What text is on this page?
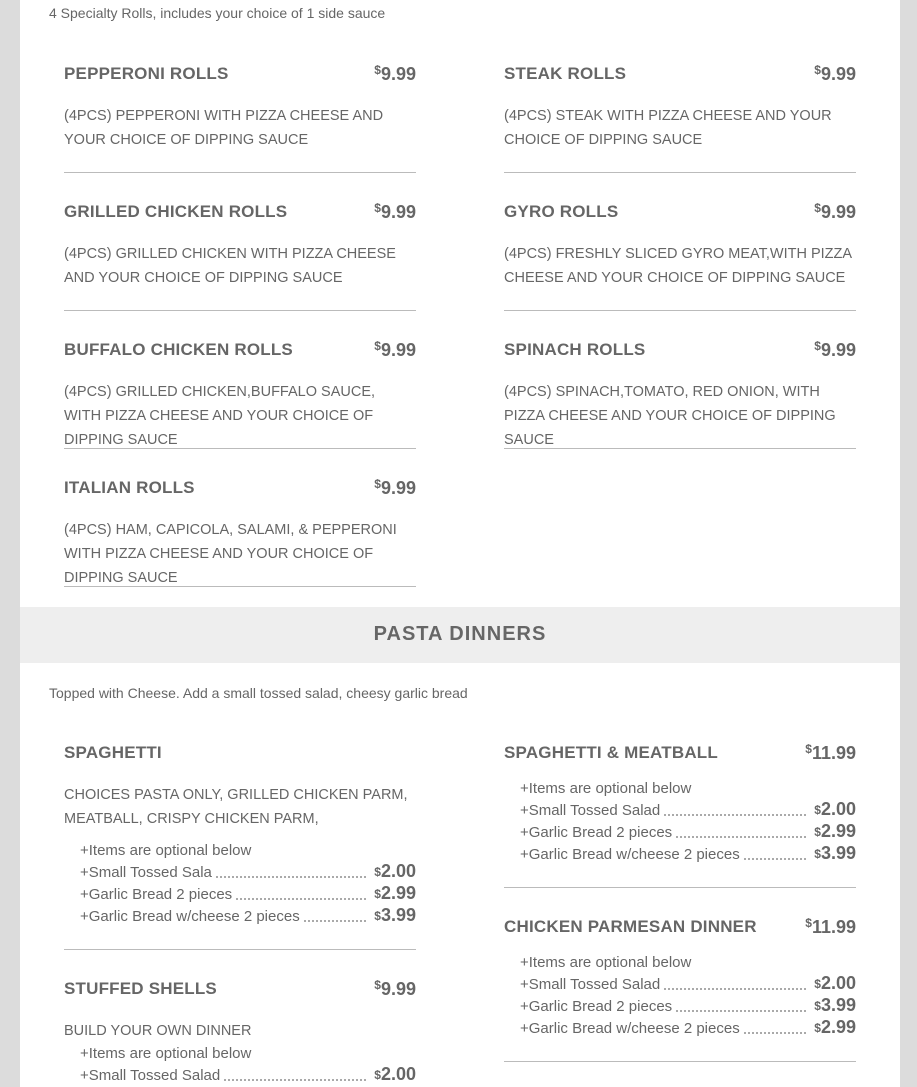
4 Specialty Rolls, includes your choice of 1 side sauce
PEPPERONI ROLLS	$9.99
(4PCS) PEPPERONI WITH PIZZA CHEESE AND YOUR CHOICE OF DIPPING SAUCE
STEAK ROLLS	$9.99
(4PCS) STEAK WITH PIZZA CHEESE AND YOUR CHOICE OF DIPPING SAUCE
GRILLED CHICKEN ROLLS	$9.99
(4PCS) GRILLED CHICKEN WITH PIZZA CHEESE AND YOUR CHOICE OF DIPPING SAUCE
GYRO ROLLS	$9.99
(4PCS) FRESHLY SLICED GYRO MEAT,WITH PIZZA CHEESE AND YOUR CHOICE OF DIPPING SAUCE
BUFFALO CHICKEN ROLLS	$9.99
(4PCS) GRILLED CHICKEN,BUFFALO SAUCE, WITH PIZZA CHEESE AND YOUR CHOICE OF DIPPING SAUCE
SPINACH ROLLS	$9.99
(4PCS) SPINACH,TOMATO, RED ONION, WITH PIZZA CHEESE AND YOUR CHOICE OF DIPPING SAUCE
ITALIAN ROLLS	$9.99
(4PCS) HAM, CAPICOLA, SALAMI, & PEPPERONI WITH PIZZA CHEESE AND YOUR CHOICE OF DIPPING SAUCE
PASTA DINNERS
Topped with Cheese. Add a small tossed salad, cheesy garlic bread
SPAGHETTI
CHOICES PASTA ONLY, GRILLED CHICKEN PARM, MEATBALL, CRISPY CHICKEN PARM,
+Items are optional below
+Small Tossed Sala	$2.00
+Garlic Bread 2 pieces	$2.99
+Garlic Bread w/cheese 2 pieces	$3.99
SPAGHETTI & MEATBALL	$11.99
+Items are optional below
+Small Tossed Salad	$2.00
+Garlic Bread 2 pieces	$2.99
+Garlic Bread w/cheese 2 pieces	$3.99
CHICKEN PARMESAN DINNER	$11.99
+Items are optional below
+Small Tossed Salad	$2.00
+Garlic Bread 2 pieces	$3.99
+Garlic Bread w/cheese 2 pieces	$2.99
STUFFED SHELLS	$9.99
BUILD YOUR OWN DINNER
+Items are optional below
+Small Tossed Salad	$2.00
